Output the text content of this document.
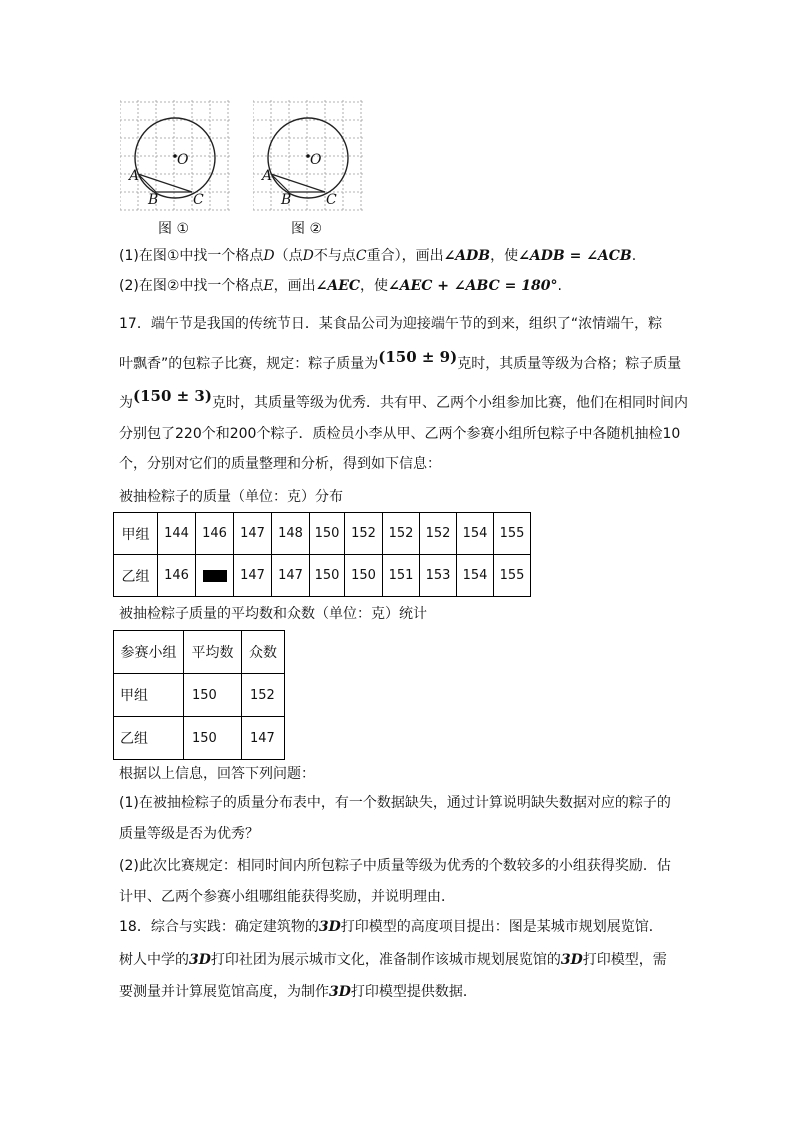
A
B C
O
图 ①
A
B C
O
图 ②
(1)在图①中找一个格点D（点D不与点C重合），画出∠ADB，使∠ADB = ∠ACB.
(2)在图②中找一个格点E，画出∠AEC，使∠AEC + ∠ABC = 180°.
17．端午节是我国的传统节日．某食品公司为迎接端午节的到来，组织了“浓情端午，粽
叶飘香”的包粽子比赛，规定：粽子质量为(150 ± 9)克时，其质量等级为合格；粽子质量
为(150 ± 3)克时，其质量等级为优秀．共有甲、乙两个小组参加比赛，他们在相同时间内
分别包了220个和200个粽子．质检员小李从甲、乙两个参赛小组所包粽子中各随机抽检10
个，分别对它们的质量整理和分析，得到如下信息：
被抽检粽子的质量（单位：克）分布
甲组	144	146	147	148	150	152	152	152	154	155
乙组	146		147	147	150	150	151	153	154	155
被抽检粽子质量的平均数和众数（单位：克）统计
参赛小组	平均数	众数
甲组	150	152
乙组	150	147
根据以上信息，回答下列问题：
(1)在被抽检粽子的质量分布表中，有一个数据缺失，通过计算说明缺失数据对应的粽子的
质量等级是否为优秀？
(2)此次比赛规定：相同时间内所包粽子中质量等级为优秀的个数较多的小组获得奖励．估
计甲、乙两个参赛小组哪组能获得奖励，并说明理由．
18．综合与实践：确定建筑物的3D打印模型的高度项目提出：图是某城市规划展览馆．
树人中学的3D打印社团为展示城市文化，准备制作该城市规划展览馆的3D打印模型，需
要测量并计算展览馆高度，为制作3D打印模型提供数据．
